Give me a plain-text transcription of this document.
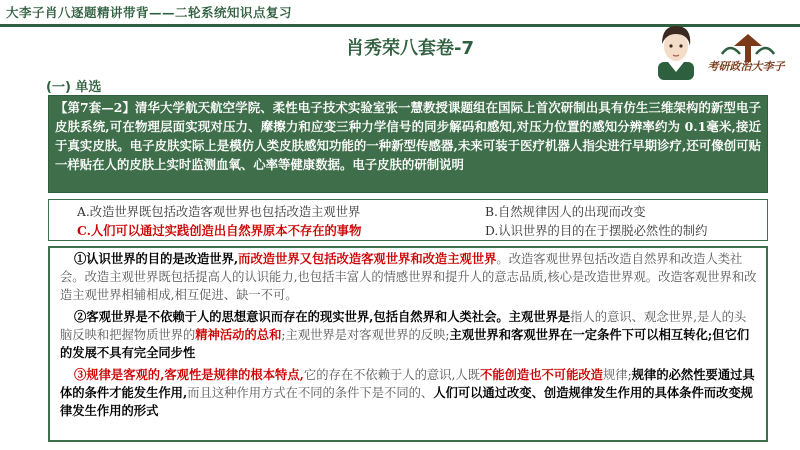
大李子肖八逐题精讲带背——二轮系统知识点复习
肖秀荣八套卷-7
考研政治大李子
(一) 单选
【第7套—2】清华大学航天航空学院、柔性电子技术实验室张一慧教授课题组在国际上首次研制出具有仿生三维架构的新型电子皮肤系统,可在物理层面实现对压力、摩擦力和应变三种力学信号的同步解码和感知,对压力位置的感知分辨率约为 0.1毫米,接近于真实皮肤。电子皮肤实际上是模仿人类皮肤感知功能的一种新型传感器,未来可装于医疗机器人指尖进行早期诊疗,还可像创可贴一样贴在人的皮肤上实时监测血氧、心率等健康数据。电子皮肤的研制说明
A.改造世界既包括改造客观世界也包括改造主观世界	B.自然规律因人的出现而改变
C.人们可以通过实践创造出自然界原本不存在的事物	D.认识世界的目的在于摆脱必然性的制约

①认识世界的目的是改造世界,而改造世界又包括改造客观世界和改造主观世界。改造客观世界包括改造自然界和改造人类社会。改造主观世界既包括提高人的认识能力,也包括丰富人的情感世界和提升人的意志品质,核心是改造世界观。改造客观世界和改造主观世界相辅相成,相互促进、缺一不可。

②客观世界是不依赖于人的思想意识而存在的现实世界,包括自然界和人类社会。主观世界是指人的意识、观念世界,是人的头脑反映和把握物质世界的精神活动的总和;主观世界是对客观世界的反映;主观世界和客观世界在一定条件下可以相互转化;但它们的发展不具有完全同步性

③规律是客观的,客观性是规律的根本特点,它的存在不依赖于人的意识,人既不能创造也不可能改造规律;规律的必然性要通过具体的条件才能发生作用,而且这种作用方式在不同的条件下是不同的、人们可以通过改变、创造规律发生作用的具体条件而改变规律发生作用的形式
